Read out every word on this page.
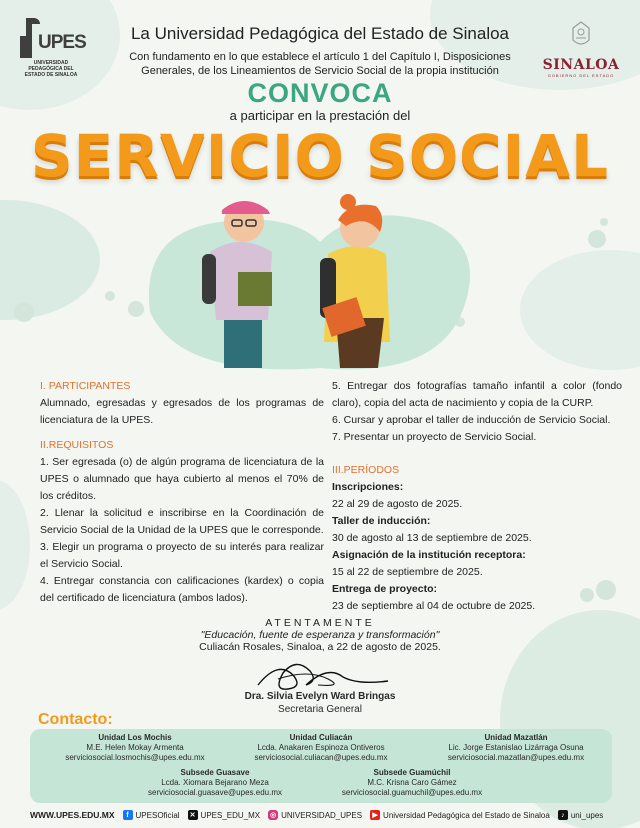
UPES
UNIVERSIDAD PEDAGÓGICA DEL ESTADO DE SINALOA
SINALOA
GOBIERNO DEL ESTADO
La Universidad Pedagógica del Estado de Sinaloa
Con fundamento en lo que establece el artículo 1 del Capítulo I, Disposiciones Generales, de los Lineamientos de Servicio Social de la propia institución
CONVOCA
a participar en la prestación del
SERVICIO SOCIAL
I. PARTICIPANTES
Alumnado, egresadas y egresados de los programas de licenciatura de la UPES.
II.REQUISITOS
1. Ser egresada (o) de algún programa de licenciatura de la UPES o alumnado que haya cubierto al menos el 70% de los créditos.
2. Llenar la solicitud e inscribirse en la Coordinación de Servicio Social de la Unidad de la UPES que le corresponde.
3. Elegir un programa o proyecto de su interés para realizar el Servicio Social.
4. Entregar constancia con calificaciones (kardex) o copia del certificado de licenciatura (ambos lados).
5. Entregar dos fotografías tamaño infantil a color (fondo claro), copia del acta de nacimiento y copia de la CURP.
6. Cursar y aprobar el taller de inducción de Servicio Social.
7. Presentar un proyecto de Servicio Social.
III.PERÍODOS
Inscripciones:
22 al 29 de agosto de 2025.
Taller de inducción:
30 de agosto al 13 de septiembre de 2025.
Asignación de la institución receptora:
15 al 22 de septiembre de 2025.
Entrega de proyecto:
23 de septiembre al 04 de octubre de 2025.
ATENTAMENTE
"Educación, fuente de esperanza y transformación"
Culiacán Rosales, Sinaloa, a 22 de agosto de 2025.
Dra. Silvia Evelyn Ward Bringas
Secretaria General
Contacto:
Unidad Los Mochis
M.E. Helen Mokay Armenta
serviciosocial.losmochis@upes.edu.mx
Unidad Culiacán
Lcda. Anakaren Espinoza Ontiveros
serviciosocial.culiacan@upes.edu.mx
Unidad Mazatlán
Lic. Jorge Estanislao Lizárraga Osuna
serviciosocial.mazatlan@upes.edu.mx
Subsede Guasave
Lcda. Xiomara Bejarano Meza
serviciosocial.guasave@upes.edu.mx
Subsede Guamúchil
M.C. Krisna Caro Gámez
serviciosocial.guamuchil@upes.edu.mx
WWW.UPES.EDU.MX	f UPESOficial ✕ UPES_EDU_MX ◎ UNIVERSIDAD_UPES	▶ Universidad Pedagógica del Estado de Sinaloa	♪ uni_upes
